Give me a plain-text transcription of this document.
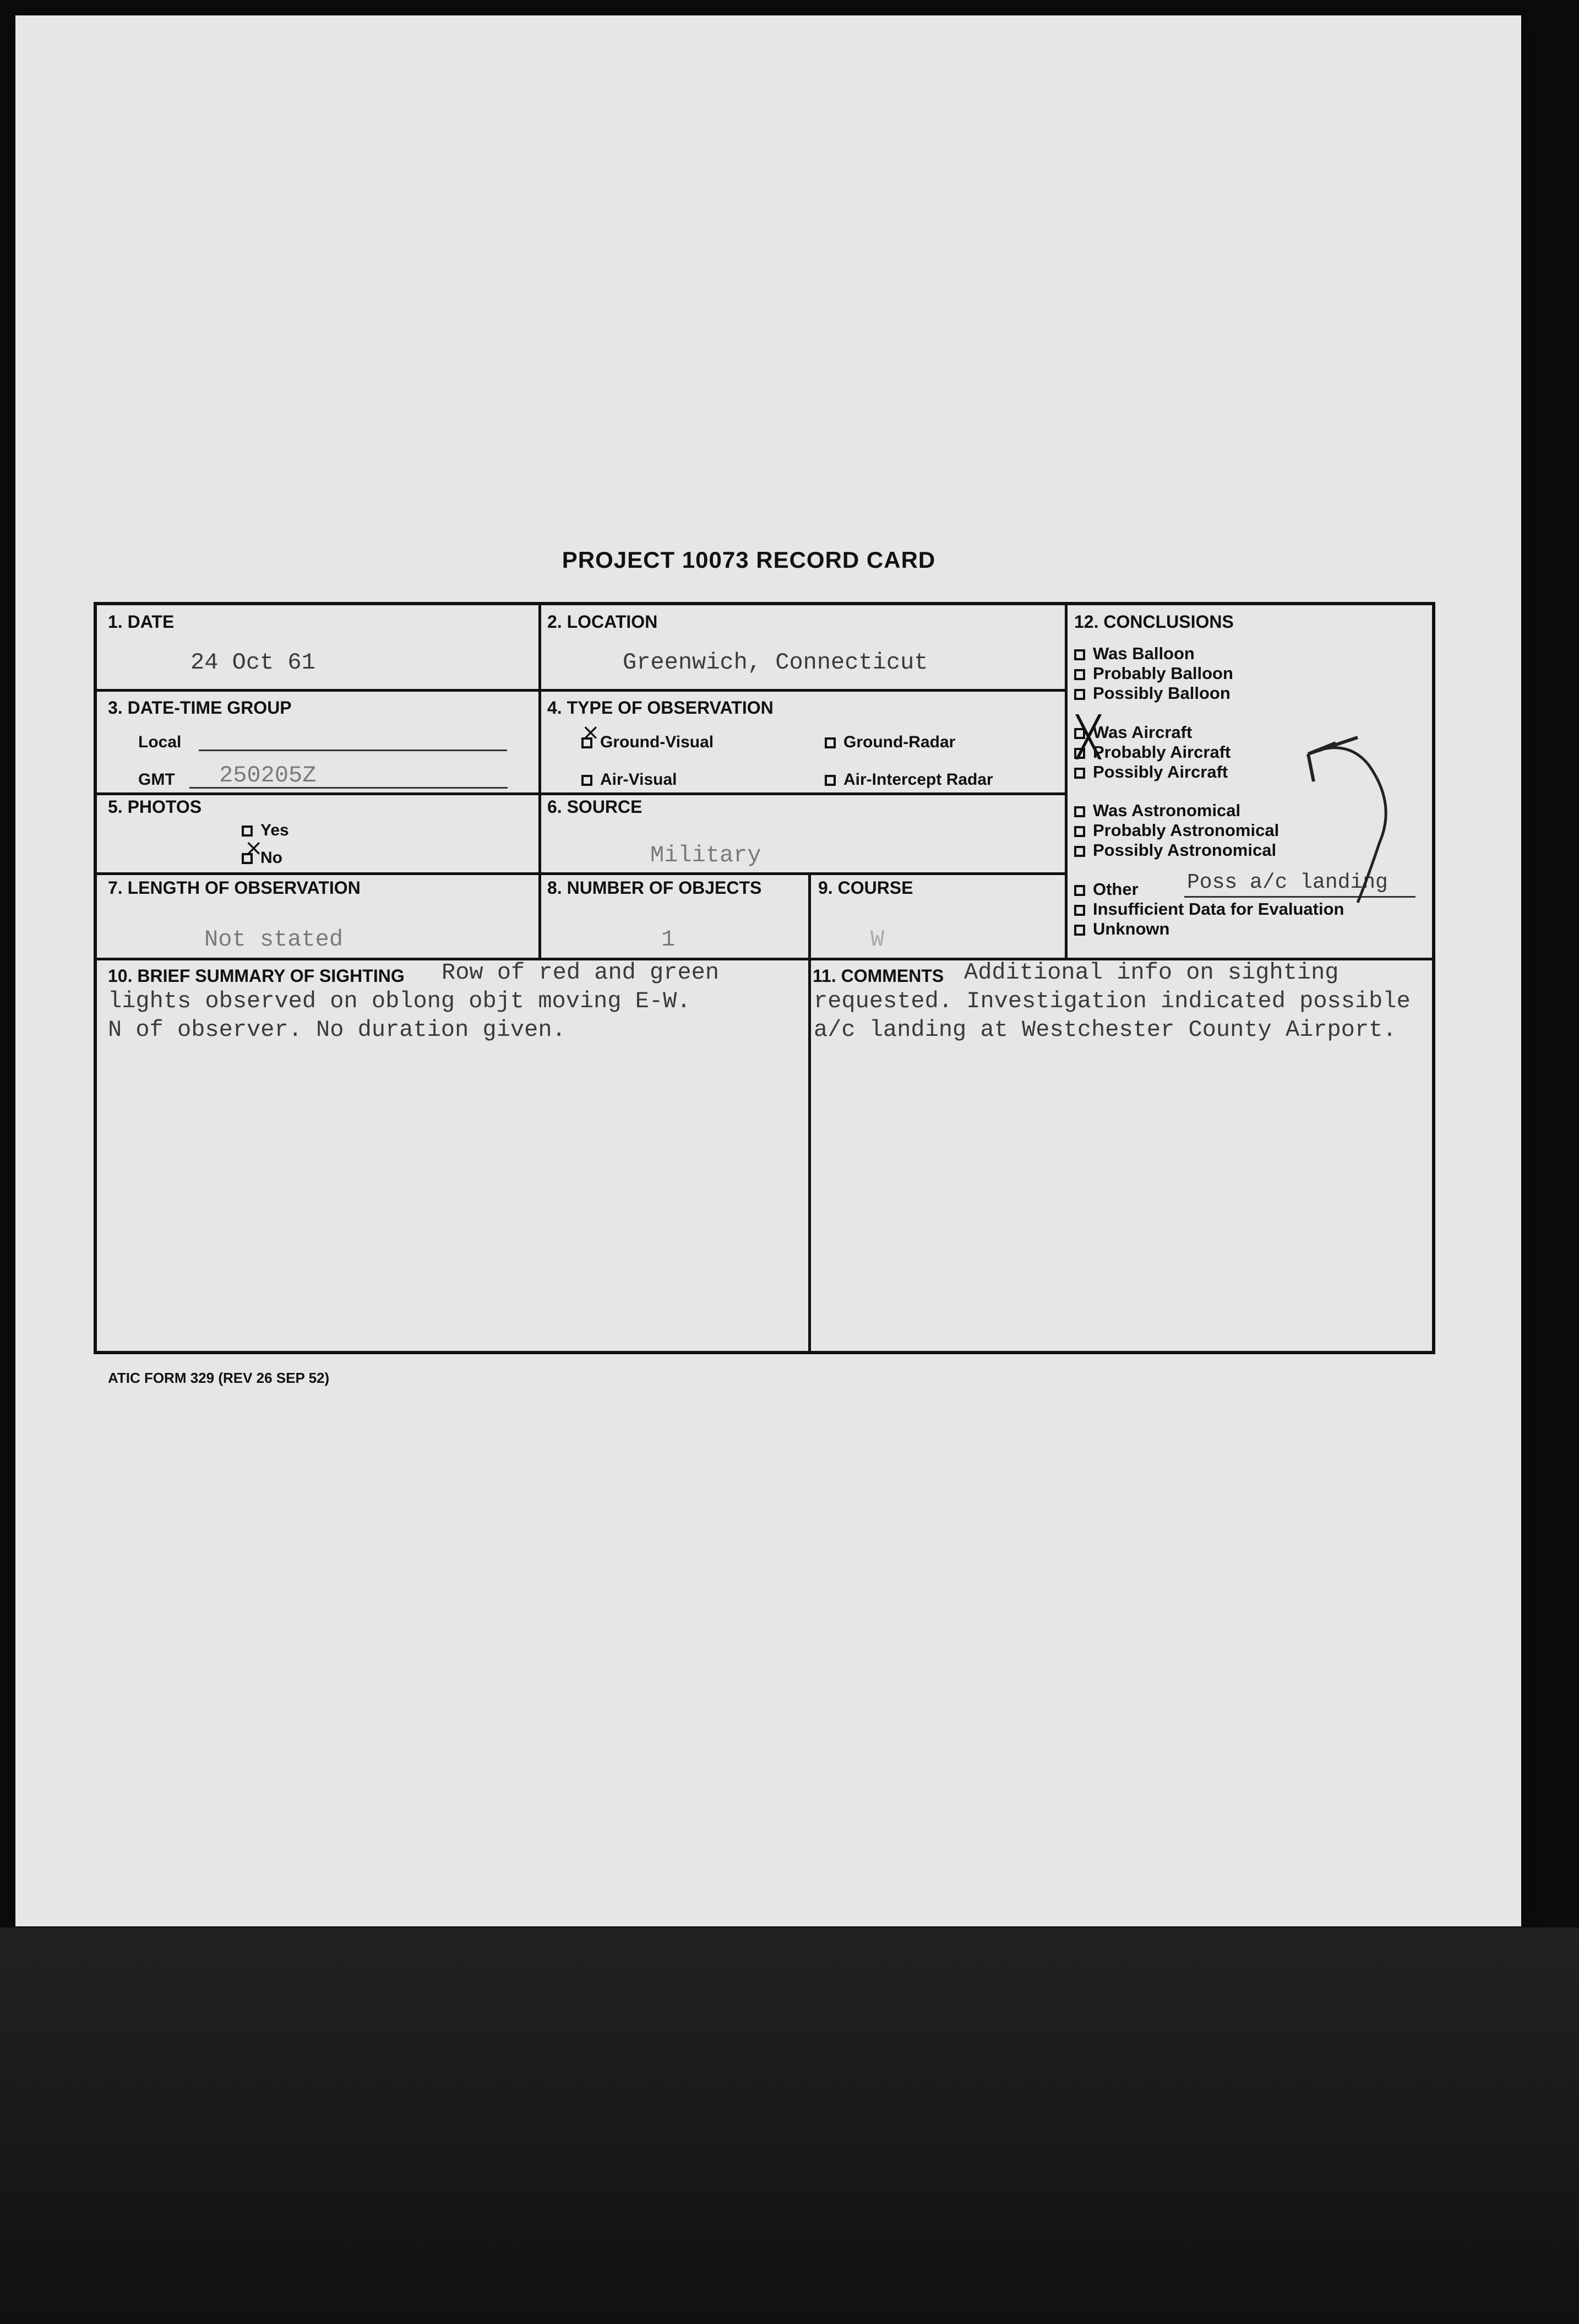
PROJECT 10073 RECORD CARD
1. DATE
24 Oct 61
2. LOCATION
Greenwich, Connecticut
3. DATE-TIME GROUP
Local
GMT 250205Z
4. TYPE OF OBSERVATION
Ground-Visual
×	Ground-Radar
Air-Visual	Air-Intercept Radar
5. PHOTOS
Yes
No
×
6. SOURCE
Military
7. LENGTH OF OBSERVATION
Not stated
8. NUMBER OF OBJECTS
1
9. COURSE
W
10. BRIEF SUMMARY OF SIGHTING Row of red and green
lights observed on oblong objt moving E-W.
N of observer. No duration given.
11. COMMENTS Additional info on sighting
requested. Investigation indicated possible
a/c landing at Westchester County Airport.
12. CONCLUSIONS
Was Balloon
Probably Balloon
Possibly Balloon
Was Aircraft
Probably Aircraft
Possibly Aircraft
╳
Was Astronomical
Probably Astronomical
Possibly Astronomical
Other Poss a/c landing
Insufficient Data for Evaluation
Unknown
ATIC FORM 329 (REV 26 SEP 52)
